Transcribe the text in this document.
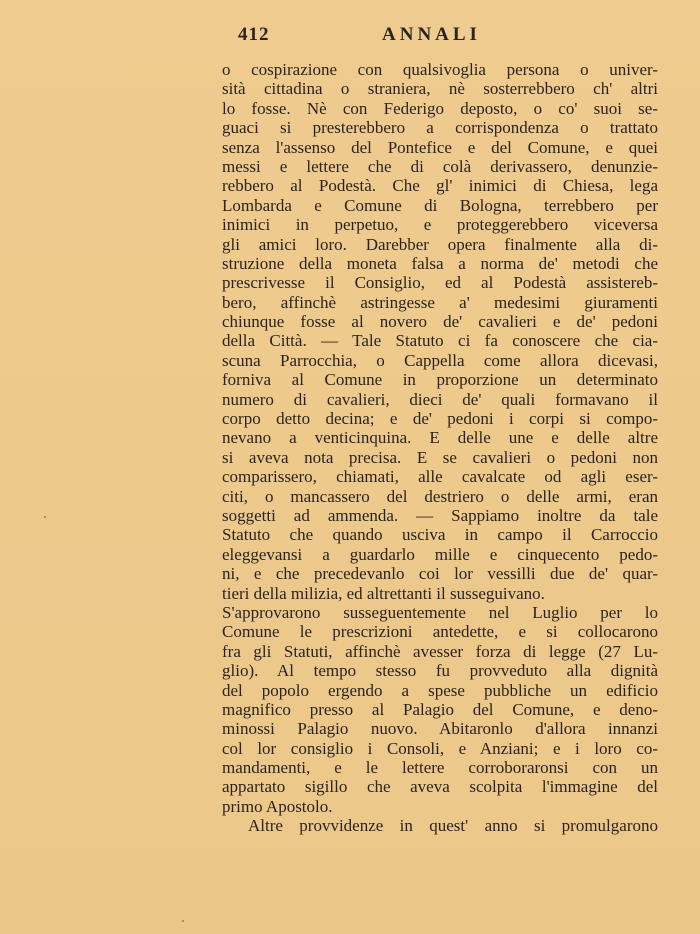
412	ANNALI
o cospirazione con qualsivoglia persona o univer-
sità cittadina o straniera, nè sosterrebbero ch' altri
lo fosse. Nè con Federigo deposto, o co' suoi se-
guaci si presterebbero a corrispondenza o trattato
senza l'assenso del Pontefice e del Comune, e quei
messi e lettere che di colà derivassero, denunzie-
rebbero al Podestà. Che gl' inimici di Chiesa, lega
Lombarda e Comune di Bologna, terrebbero per
inimici in perpetuo, e proteggerebbero viceversa
gli amici loro. Darebber opera finalmente alla di-
struzione della moneta falsa a norma de' metodi che
prescrivesse il Consiglio, ed al Podestà assistereb-
bero, affinchè astringesse a' medesimi giuramenti
chiunque fosse al novero de' cavalieri e de' pedoni
della Città. — Tale Statuto ci fa conoscere che cia-
scuna Parrocchia, o Cappella come allora dicevasi,
forniva al Comune in proporzione un determinato
numero di cavalieri, dieci de' quali formavano il
corpo detto decina; e de' pedoni i corpi si compo-
nevano a venticinquina. E delle une e delle altre
si aveva nota precisa. E se cavalieri o pedoni non
comparissero, chiamati, alle cavalcate od agli eser-
citi, o mancassero del destriero o delle armi, eran
soggetti ad ammenda. — Sappiamo inoltre da tale
Statuto che quando usciva in campo il Carroccio
eleggevansi a guardarlo mille e cinquecento pedo-
ni, e che precedevanlo coi lor vessilli due de' quar-
tieri della milizia, ed altrettanti il susseguivano.
S'approvarono susseguentemente nel Luglio per lo
Comune le prescrizioni antedette, e si collocarono
fra gli Statuti, affinchè avesser forza di legge (27 Lu-
glio). Al tempo stesso fu provveduto alla dignità
del popolo ergendo a spese pubbliche un edificio
magnifico presso al Palagio del Comune, e deno-
minossi Palagio nuovo. Abitaronlo d'allora innanzi
col lor consiglio i Consoli, e Anziani; e i loro co-
mandamenti, e le lettere corroboraronsi con un
appartato sigillo che aveva scolpita l'immagine del
primo Apostolo.
Altre provvidenze in quest' anno si promulgarono
